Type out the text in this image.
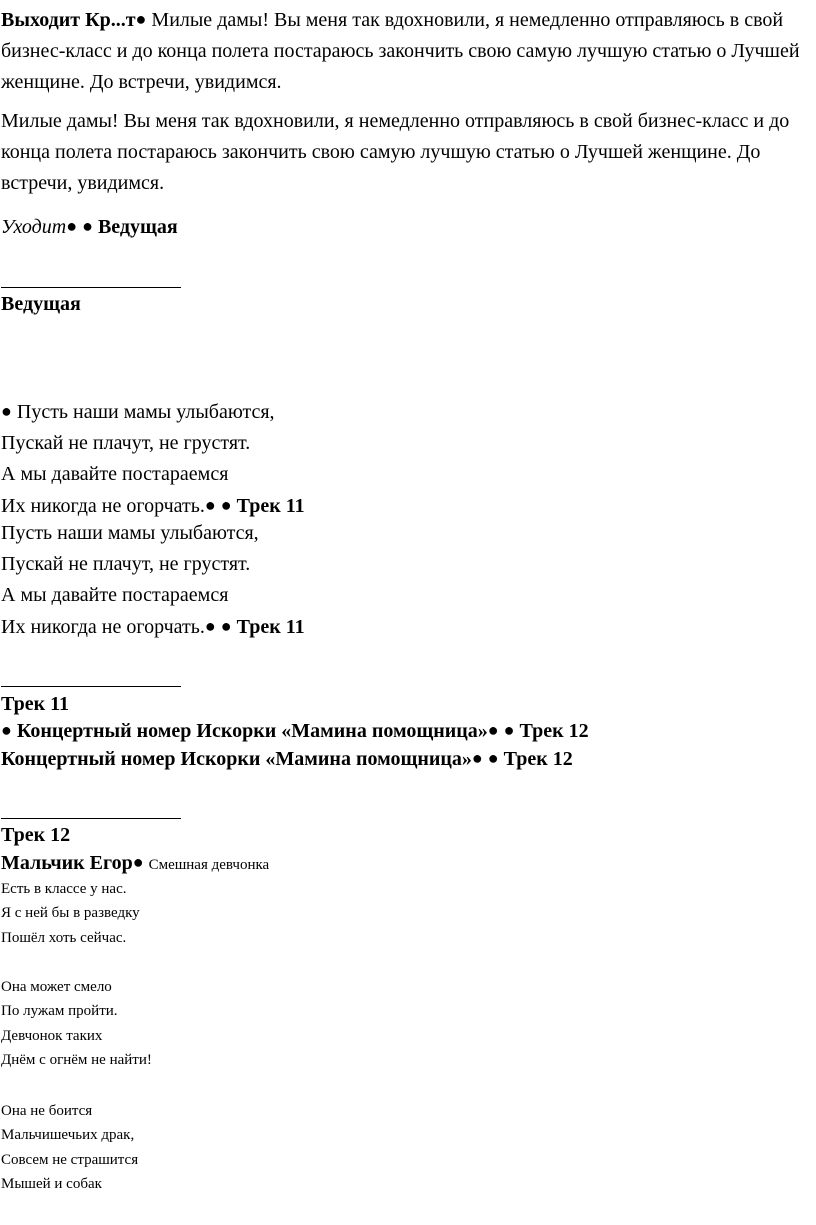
Выходит Кр...т● Милые дамы! Вы меня так вдохновили, я немедленно отправляюсь в свой бизнес-класс и до конца полета постараюсь закончить свою самую лучшую статью о Лучшей женщине. До встречи, увидимся.
Милые дамы! Вы меня так вдохновили, я немедленно отправляюсь в свой бизнес-класс и до конца полета постараюсь закончить свою самую лучшую статью о Лучшей женщине. До встречи, увидимся.
Уходит● ● Ведущая
Ведущая
● Пусть наши мамы улыбаются,
Пускай не плачут, не грустят.
А мы давайте постараемся
Их никогда не огорчать.● ● Трек 11
Пусть наши мамы улыбаются,
Пускай не плачут, не грустят.
А мы давайте постараемся
Их никогда не огорчать.● ● Трек 11
Трек 11
● Концертный номер Искорки «Мамина помощница»● ● Трек 12
Концертный номер Искорки «Мамина помощница»● ● Трек 12
Трек 12
Мальчик Егор● Смешная девчонка
Есть в классе у нас.
Я с ней бы в разведку
Пошёл хоть сейчас.
Она может смело
По лужам пройти.
Девчонок таких
Днём с огнём не найти!
Она не боится
Мальчишечьих драк,
Совсем не страшится
Мышей и собак
